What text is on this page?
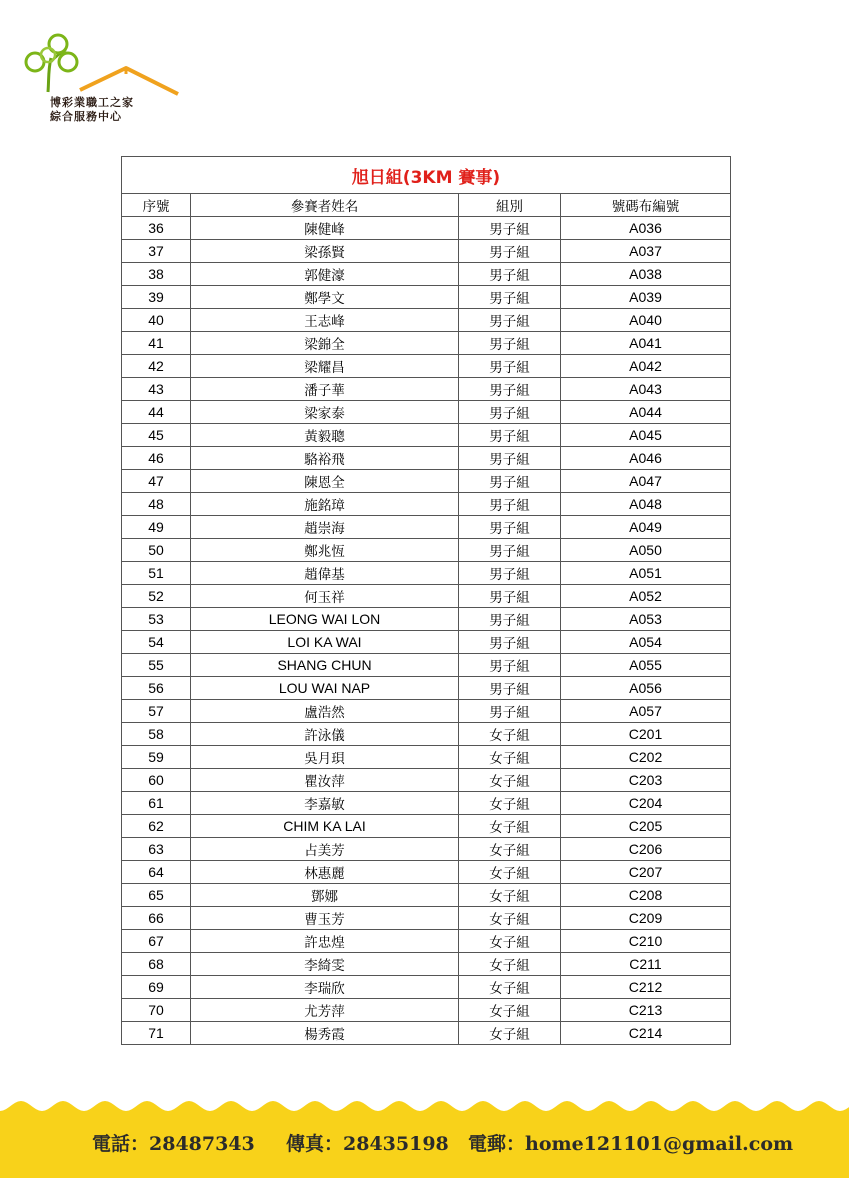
博彩業職工之家
綜合服務中心
旭日組(3KM 賽事)			
序號	參賽者姓名	組別	號碼布編號
36	陳健峰	男子組	A036
37	梁孫賢	男子組	A037
38	郭健濠	男子組	A038
39	鄭學文	男子組	A039
40	王志峰	男子組	A040
41	梁錦全	男子組	A041
42	梁耀昌	男子組	A042
43	潘子華	男子組	A043
44	梁家泰	男子組	A044
45	黃毅聰	男子組	A045
46	駱裕飛	男子組	A046
47	陳恩全	男子組	A047
48	施銘璋	男子組	A048
49	趙崇海	男子組	A049
50	鄭兆恆	男子組	A050
51	趙偉基	男子組	A051
52	何玉祥	男子組	A052
53	LEONG WAI LON	男子組	A053
54	LOI KA WAI	男子組	A054
55	SHANG CHUN	男子組	A055
56	LOU WAI NAP	男子組	A056
57	盧浩然	男子組	A057
58	許泳儀	女子組	C201
59	吳月珼	女子組	C202
60	瞿汝萍	女子組	C203
61	李嘉敏	女子組	C204
62	CHIM KA LAI	女子組	C205
63	占美芳	女子組	C206
64	林惠麗	女子組	C207
65	鄧娜	女子組	C208
66	曹玉芳	女子組	C209
67	許忠煌	女子組	C210
68	李綺雯	女子組	C211
69	李瑞欣	女子組	C212
70	尤芳萍	女子組	C213
71	楊秀霞	女子組	C214
電話：28487343 傳真：28435198 電郵：home121101@gmail.com
